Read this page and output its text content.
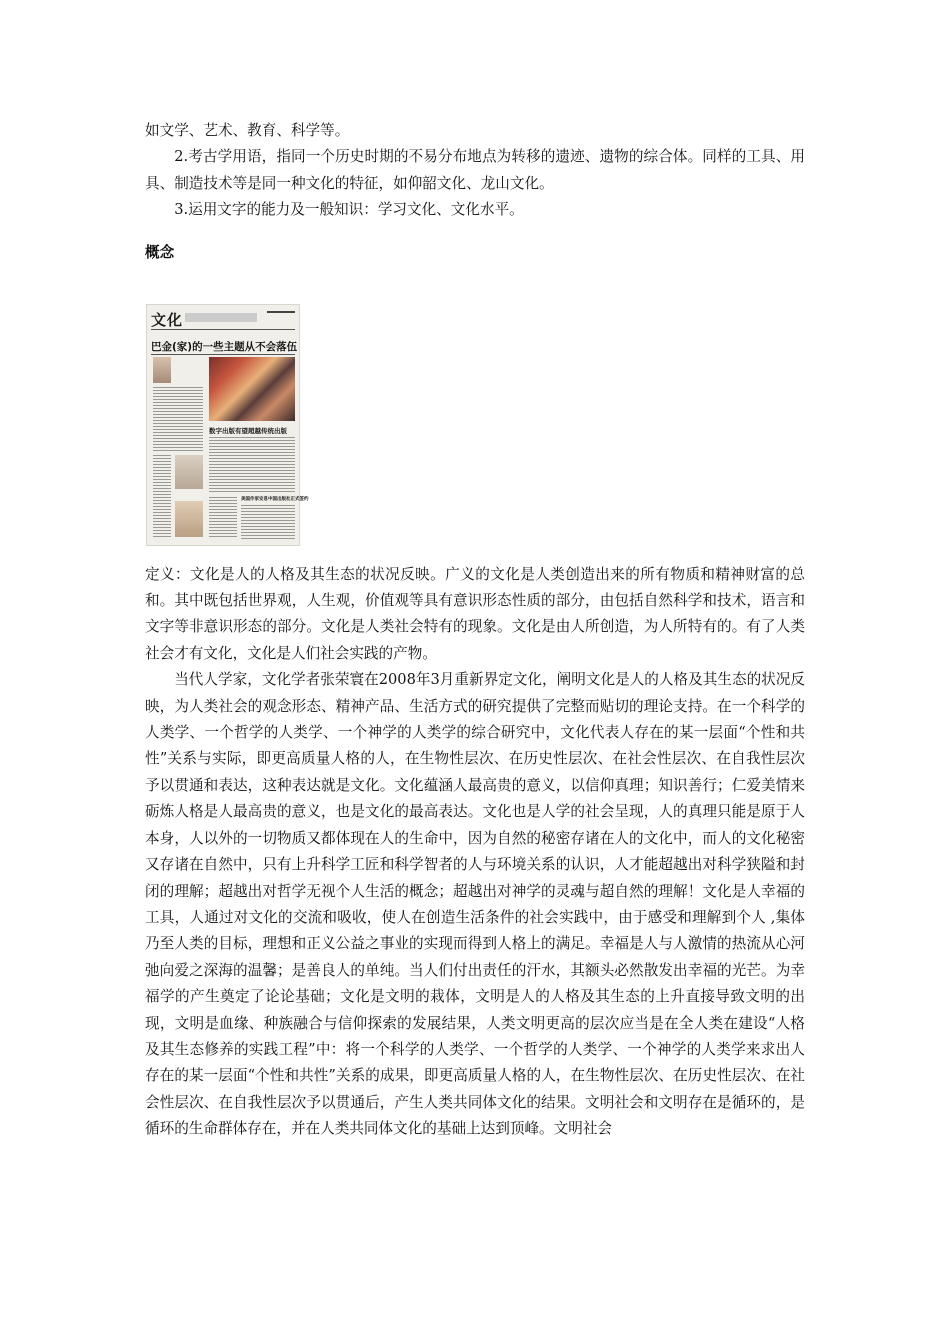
如文学、艺术、教育、科学等。

2.考古学用语，指同一个历史时期的不易分布地点为转移的遗迹、遗物的综合体。同样的工具、用具、制造技术等是同一种文化的特征，如仰韶文化、龙山文化。

3.运用文字的能力及一般知识：学习文化、文化水平。

概念
文化
巴金(家)的一些主题从不会落伍
数字出版有望超越传统出版
美国作家安息中国出版社正式签约

定义：文化是人的人格及其生态的状况反映。广义的文化是人类创造出来的所有物质和精神财富的总和。其中既包括世界观，人生观，价值观等具有意识形态性质的部分，由包括自然科学和技术，语言和文字等非意识形态的部分。文化是人类社会特有的现象。文化是由人所创造，为人所特有的。有了人类社会才有文化，文化是人们社会实践的产物。

当代人学家，文化学者张荣寰在2008年3月重新界定文化，阐明文化是人的人格及其生态的状况反映，为人类社会的观念形态、精神产品、生活方式的研究提供了完整而贴切的理论支持。在一个科学的人类学、一个哲学的人类学、一个神学的人类学的综合研究中，文化代表人存在的某一层面“个性和共性”关系与实际，即更高质量人格的人，在生物性层次、在历史性层次、在社会性层次、在自我性层次予以贯通和表达，这种表达就是文化。文化蕴涵人最高贵的意义，以信仰真理；知识善行；仁爱美情来砺炼人格是人最高贵的意义，也是文化的最高表达。文化也是人学的社会呈现，人的真理只能是原于人本身，人以外的一切物质又都体现在人的生命中，因为自然的秘密存诸在人的文化中，而人的文化秘密又存诸在自然中，只有上升科学工匠和科学智者的人与环境关系的认识，人才能超越出对科学狭隘和封闭的理解；超越出对哲学无视个人生活的概念；超越出对神学的灵魂与超自然的理解！文化是人幸福的工具，人通过对文化的交流和吸收，使人在创造生活条件的社会实践中，由于感受和理解到个人 ,集体乃至人类的目标，理想和正义公益之事业的实现而得到人格上的满足。幸福是人与人激情的热流从心河弛向爱之深海的温馨；是善良人的单纯。当人们付出责任的汗水，其额头必然散发出幸福的光芒。为幸福学的产生奠定了论论基础；文化是文明的栽体，文明是人的人格及其生态的上升直接导致文明的出现，文明是血缘、种族融合与信仰探索的发展结果，人类文明更高的层次应当是在全人类在建设“人格及其生态修养的实践工程”中：将一个科学的人类学、一个哲学的人类学、一个神学的人类学来求出人存在的某一层面“个性和共性”关系的成果，即更高质量人格的人，在生物性层次、在历史性层次、在社会性层次、在自我性层次予以贯通后，产生人类共同体文化的结果。文明社会和文明存在是循环的，是循环的生命群体存在，并在人类共同体文化的基础上达到顶峰。文明社会
